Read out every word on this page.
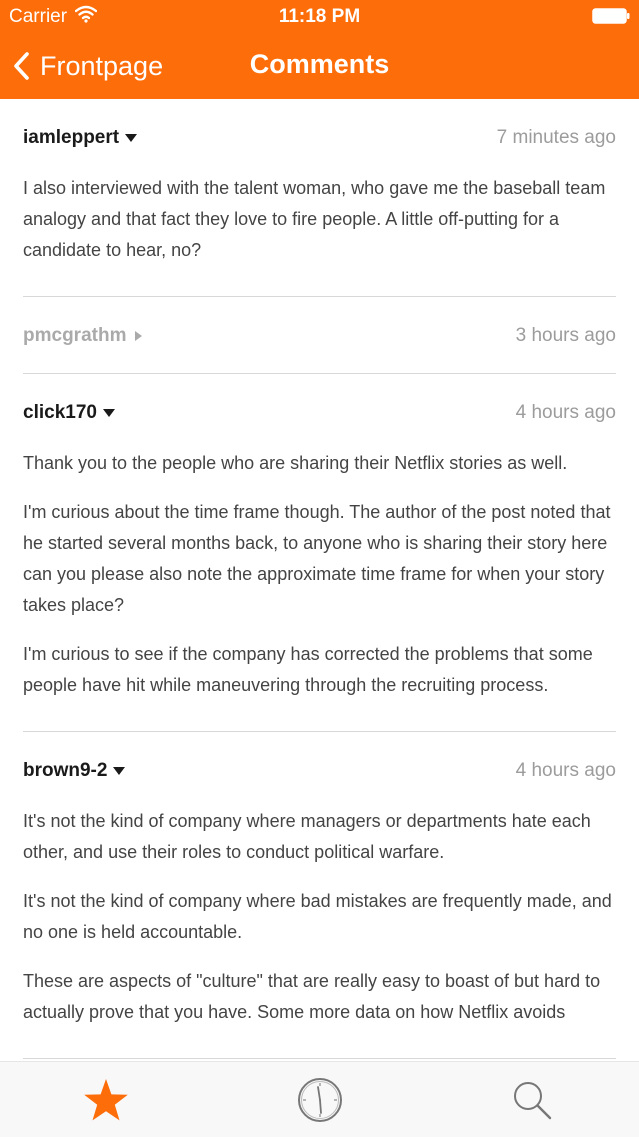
Carrier	11:18 PM
Frontpage	Comments
iamleppert	7 minutes ago

I also interviewed with the talent woman, who gave me the baseball team analogy and that fact they love to fire people. A little off-putting for a candidate to hear, no?

pmcgrathm	3 hours ago
click170	4 hours ago

Thank you to the people who are sharing their Netflix stories as well.

I'm curious about the time frame though. The author of the post noted that he started several months back, to anyone who is sharing their story here can you please also note the approximate time frame for when your story takes place?

I'm curious to see if the company has corrected the problems that some people have hit while maneuvering through the recruiting process.

brown9-2	4 hours ago

It's not the kind of company where managers or departments hate each other, and use their roles to conduct political warfare.

It's not the kind of company where bad mistakes are frequently made, and no one is held accountable.

These are aspects of "culture" that are really easy to boast of but hard to actually prove that you have. Some more data on how Netflix avoids
